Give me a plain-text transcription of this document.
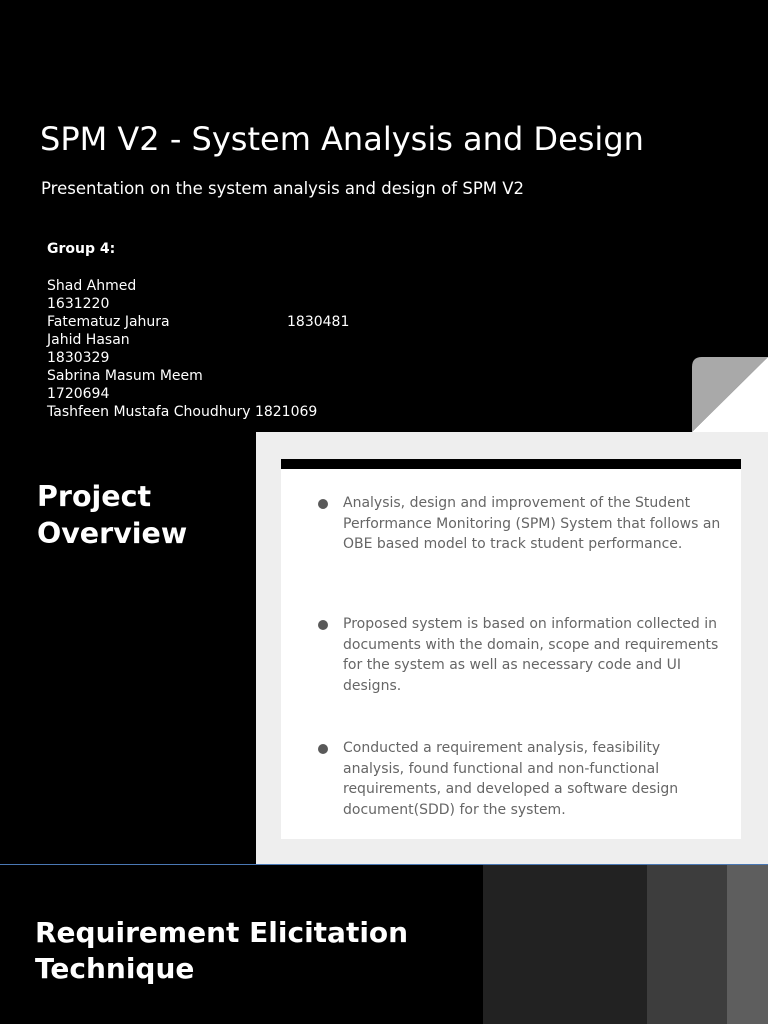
SPM V2 - System Analysis and Design

Presentation on the system analysis and design of SPM V2

Group 4:
Shad Ahmed
1631220
Fatematuz Jahura	1830481
Jahid Hasan
1830329
Sabrina Masum Meem
1720694
Tashfeen Mustafa Choudhury 1821069
Project
Overview

Analysis, design and improvement of the Student Performance Monitoring (SPM) System that follows an OBE based model to track student performance.

Proposed system is based on information collected in documents with the domain, scope and requirements for the system as well as necessary code and UI designs.

Conducted a requirement analysis, feasibility analysis, found functional and non-functional requirements, and developed a software design document(SDD) for the system.

Requirement Elicitation
Technique
